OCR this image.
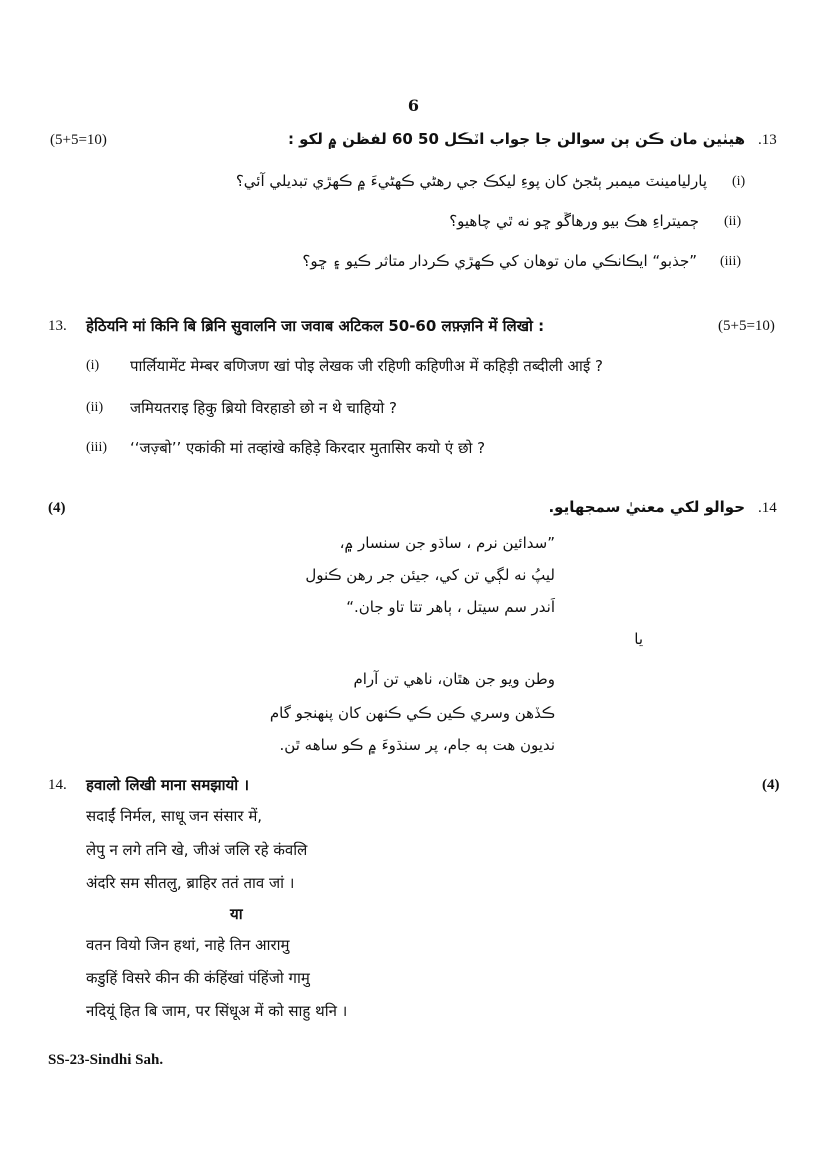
6
.13
هيٺين مان ڪن ٻن سوالن جا جواب اٽڪل 50 60 لفظن ۾ لکو :
(5+5=10)
(i)
پارليامينٽ ميمبر ٻڻجڻ کان پوءِ ليکڪ جي رهڻي ڪهڻيءَ ۾ ڪهڙي تبديلي آئي؟
(ii)
ڄميتراءِ هڪ بيو ورهاڱو ڇو نه ٿي چاهيو؟
(iii)
”جذبو“ ايڪانڪي مان توهان کي ڪهڙي ڪردار متاثر ڪيو ۽ ڇو؟
13. हेठियनि मां किनि बि ब्रिनि सुवालनि जा जवाब अटिकल 50-60 लफ़्ज़नि में लिखो :	(5+5=10)
(i) पार्लियामेंट मेम्बर बणिजण खां पोइ लेखक जी रहिणी कहिणीअ में कहिड़ी तब्दीली आई ?
(ii) जमियतराइ हिकु ब्रियो विरहाङो छो न थे चाहियो ?
(iii) ‘‘जज़्बो’’ एकांकी मां तव्हांखे कहिड़े किरदार मुतासिर कयो एं छो ?
.14
حوالو لکي معنيٰ سمجهايو.
(4)
”سدائين نرم ، ساڌو جن سنسار ۾،
ليپُ نه لڳي تن کي، جيئن جر رهن ڪنول
اَندر سم سيتل ، ٻاهر تتا تاو جان.“
يا
وطن ويو جن هٿان، ناهي تن آرام
ڪڏهن وسري ڪين ڪي ڪنهن کان پنهنجو گام
نديون هت ٻه جام، پر سنڌوءَ ۾ ڪو ساهه ٿن.
14. हवालो लिखी माना समझायो ।	(4)
सदाईं निर्मल, साधू जन संसार में,
लेपु न लगे तनि खे, जीअं जलि रहे कंवलि
अंदरि सम सीतलु, ब्राहिर ततं ताव जां ।
या
वतन वियो जिन हथां, नाहे तिन आरामु
कडुहिं विसरे कीन की कंहिंखां पंहिंजो गामु
नदियूं हित बि जाम, पर सिंधूअ में को साहु थनि ।
SS-23-Sindhi Sah.
